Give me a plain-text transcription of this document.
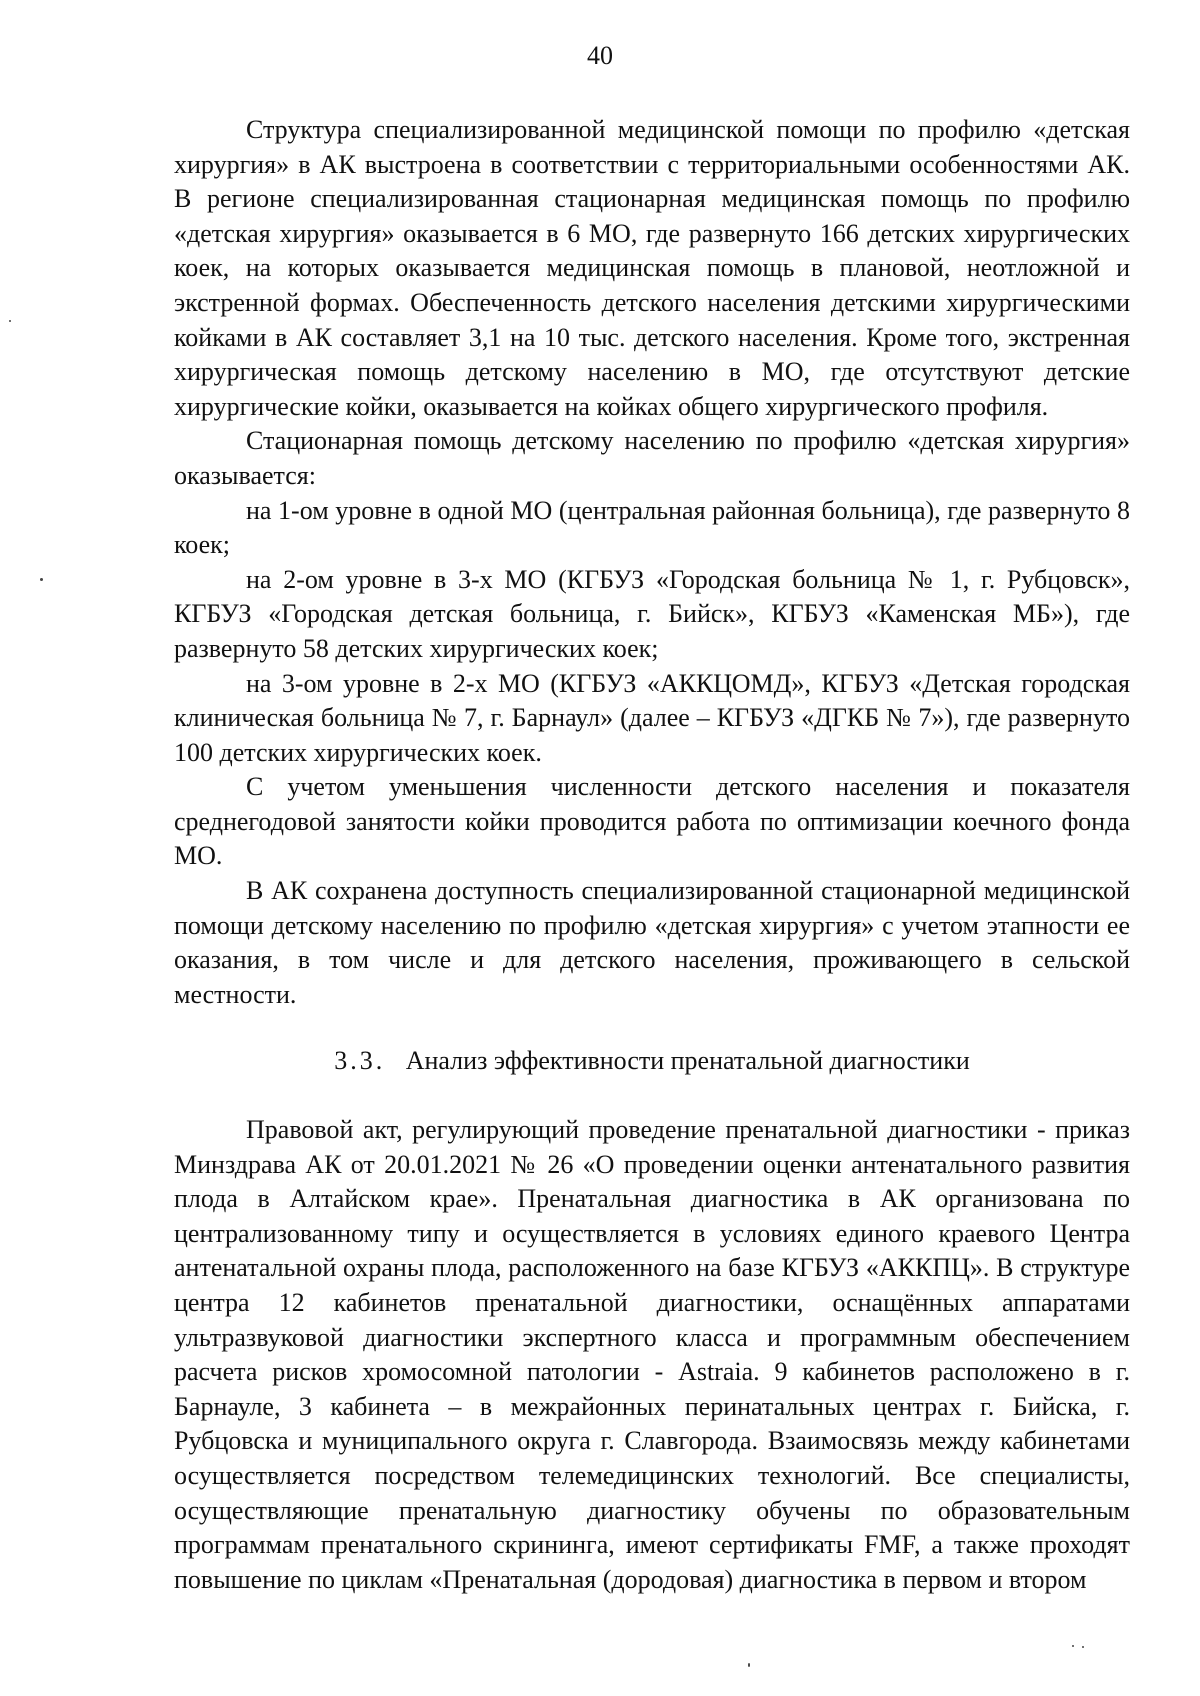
40

Структура специализированной медицинской помощи по профилю «детская хирургия» в АК выстроена в соответствии с территориальными особенностями АК. В регионе специализированная стационарная медицинская помощь по профилю «детская хирургия» оказывается в 6 МО, где развернуто 166 детских хирургических коек, на которых оказывается медицинская помощь в плановой, неотложной и экстренной формах. Обеспеченность детского населения детскими хирургическими койками в АК составляет 3,1 на 10 тыс. детского населения. Кроме того, экстренная хирургическая помощь детскому населению в МО, где отсутствуют детские хирургические койки, оказывается на койках общего хирургического профиля.

Стационарная помощь детскому населению по профилю «детская хирургия» оказывается:

на 1-ом уровне в одной МО (центральная районная больница), где развернуто 8 коек;

на 2-ом уровне в 3-х МО (КГБУЗ «Городская больница № 1, г. Рубцовск», КГБУЗ «Городская детская больница, г. Бийск», КГБУЗ «Каменская МБ»), где развернуто 58 детских хирургических коек;

на 3-ом уровне в 2-х МО (КГБУЗ «АККЦОМД», КГБУЗ «Детская городская клиническая больница № 7, г. Барнаул» (далее – КГБУЗ «ДГКБ № 7»), где развернуто 100 детских хирургических коек.

С учетом уменьшения численности детского населения и показателя среднегодовой занятости койки проводится работа по оптимизации коечного фонда МО.

В АК сохранена доступность специализированной стационарной медицинской помощи детскому населению по профилю «детская хирургия» с учетом этапности ее оказания, в том числе и для детского населения, проживающего в сельской местности.

3.3. Анализ эффективности пренатальной диагностики

Правовой акт, регулирующий проведение пренатальной диагностики - приказ Минздрава АК от 20.01.2021 № 26 «О проведении оценки антенатального развития плода в Алтайском крае». Пренатальная диагностика в АК организована по централизованному типу и осуществляется в условиях единого краевого Центра антенатальной охраны плода, расположенного на базе КГБУЗ «АККПЦ». В структуре центра 12 кабинетов пренатальной диагностики, оснащённых аппаратами ультразвуковой диагностики экспертного класса и программным обеспечением расчета рисков хромосомной патологии - Astraia. 9 кабинетов расположено в г. Барнауле, 3 кабинета – в межрайонных перинатальных центрах г. Бийска, г. Рубцовска и муниципального округа г. Славгорода. Взаимосвязь между кабинетами осуществляется посредством телемедицинских технологий. Все специалисты, осуществляющие пренатальную диагностику обучены по образовательным программам пренатального скрининга, имеют сертификаты FMF, а также проходят повышение по циклам «Пренатальная (дородовая) диагностика в первом и втором
